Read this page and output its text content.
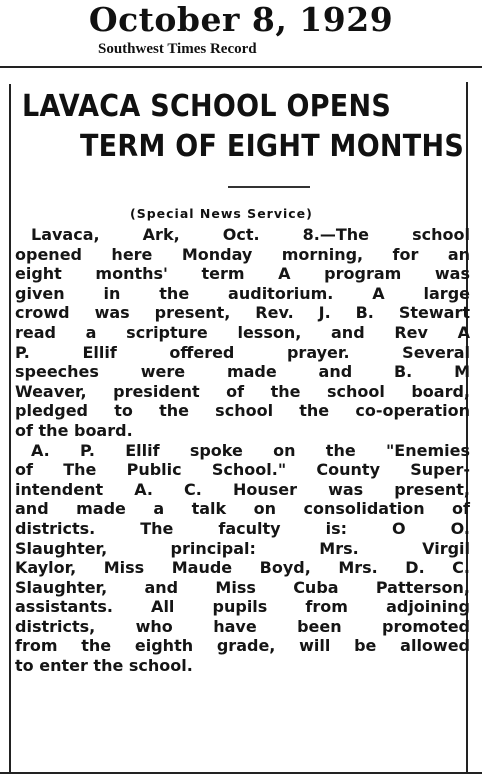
October 8, 1929
Southwest Times Record
LAVACA SCHOOL OPENS
TERM OF EIGHT MONTHS
(Special News Service)
Lavaca, Ark, Oct. 8.—The school
opened here Monday morning, for an
eight months' term A program was
given in the auditorium. A large
crowd was present, Rev. J. B. Stewart
read a scripture lesson, and Rev A
P. Ellif offered prayer. Several
speeches were made and B. M
Weaver, president of the school board,
pledged to the school the co-operation
of the board.
A. P. Ellif spoke on the "Enemies
of The Public School." County Super-
intendent A. C. Houser was present,
and made a talk on consolidation of
districts. The faculty is: O O.
Slaughter, principal: Mrs. Virgil
Kaylor, Miss Maude Boyd, Mrs. D. C.
Slaughter, and Miss Cuba Patterson,
assistants. All pupils from adjoining
districts, who have been promoted
from the eighth grade, will be allowed
to enter the school.
